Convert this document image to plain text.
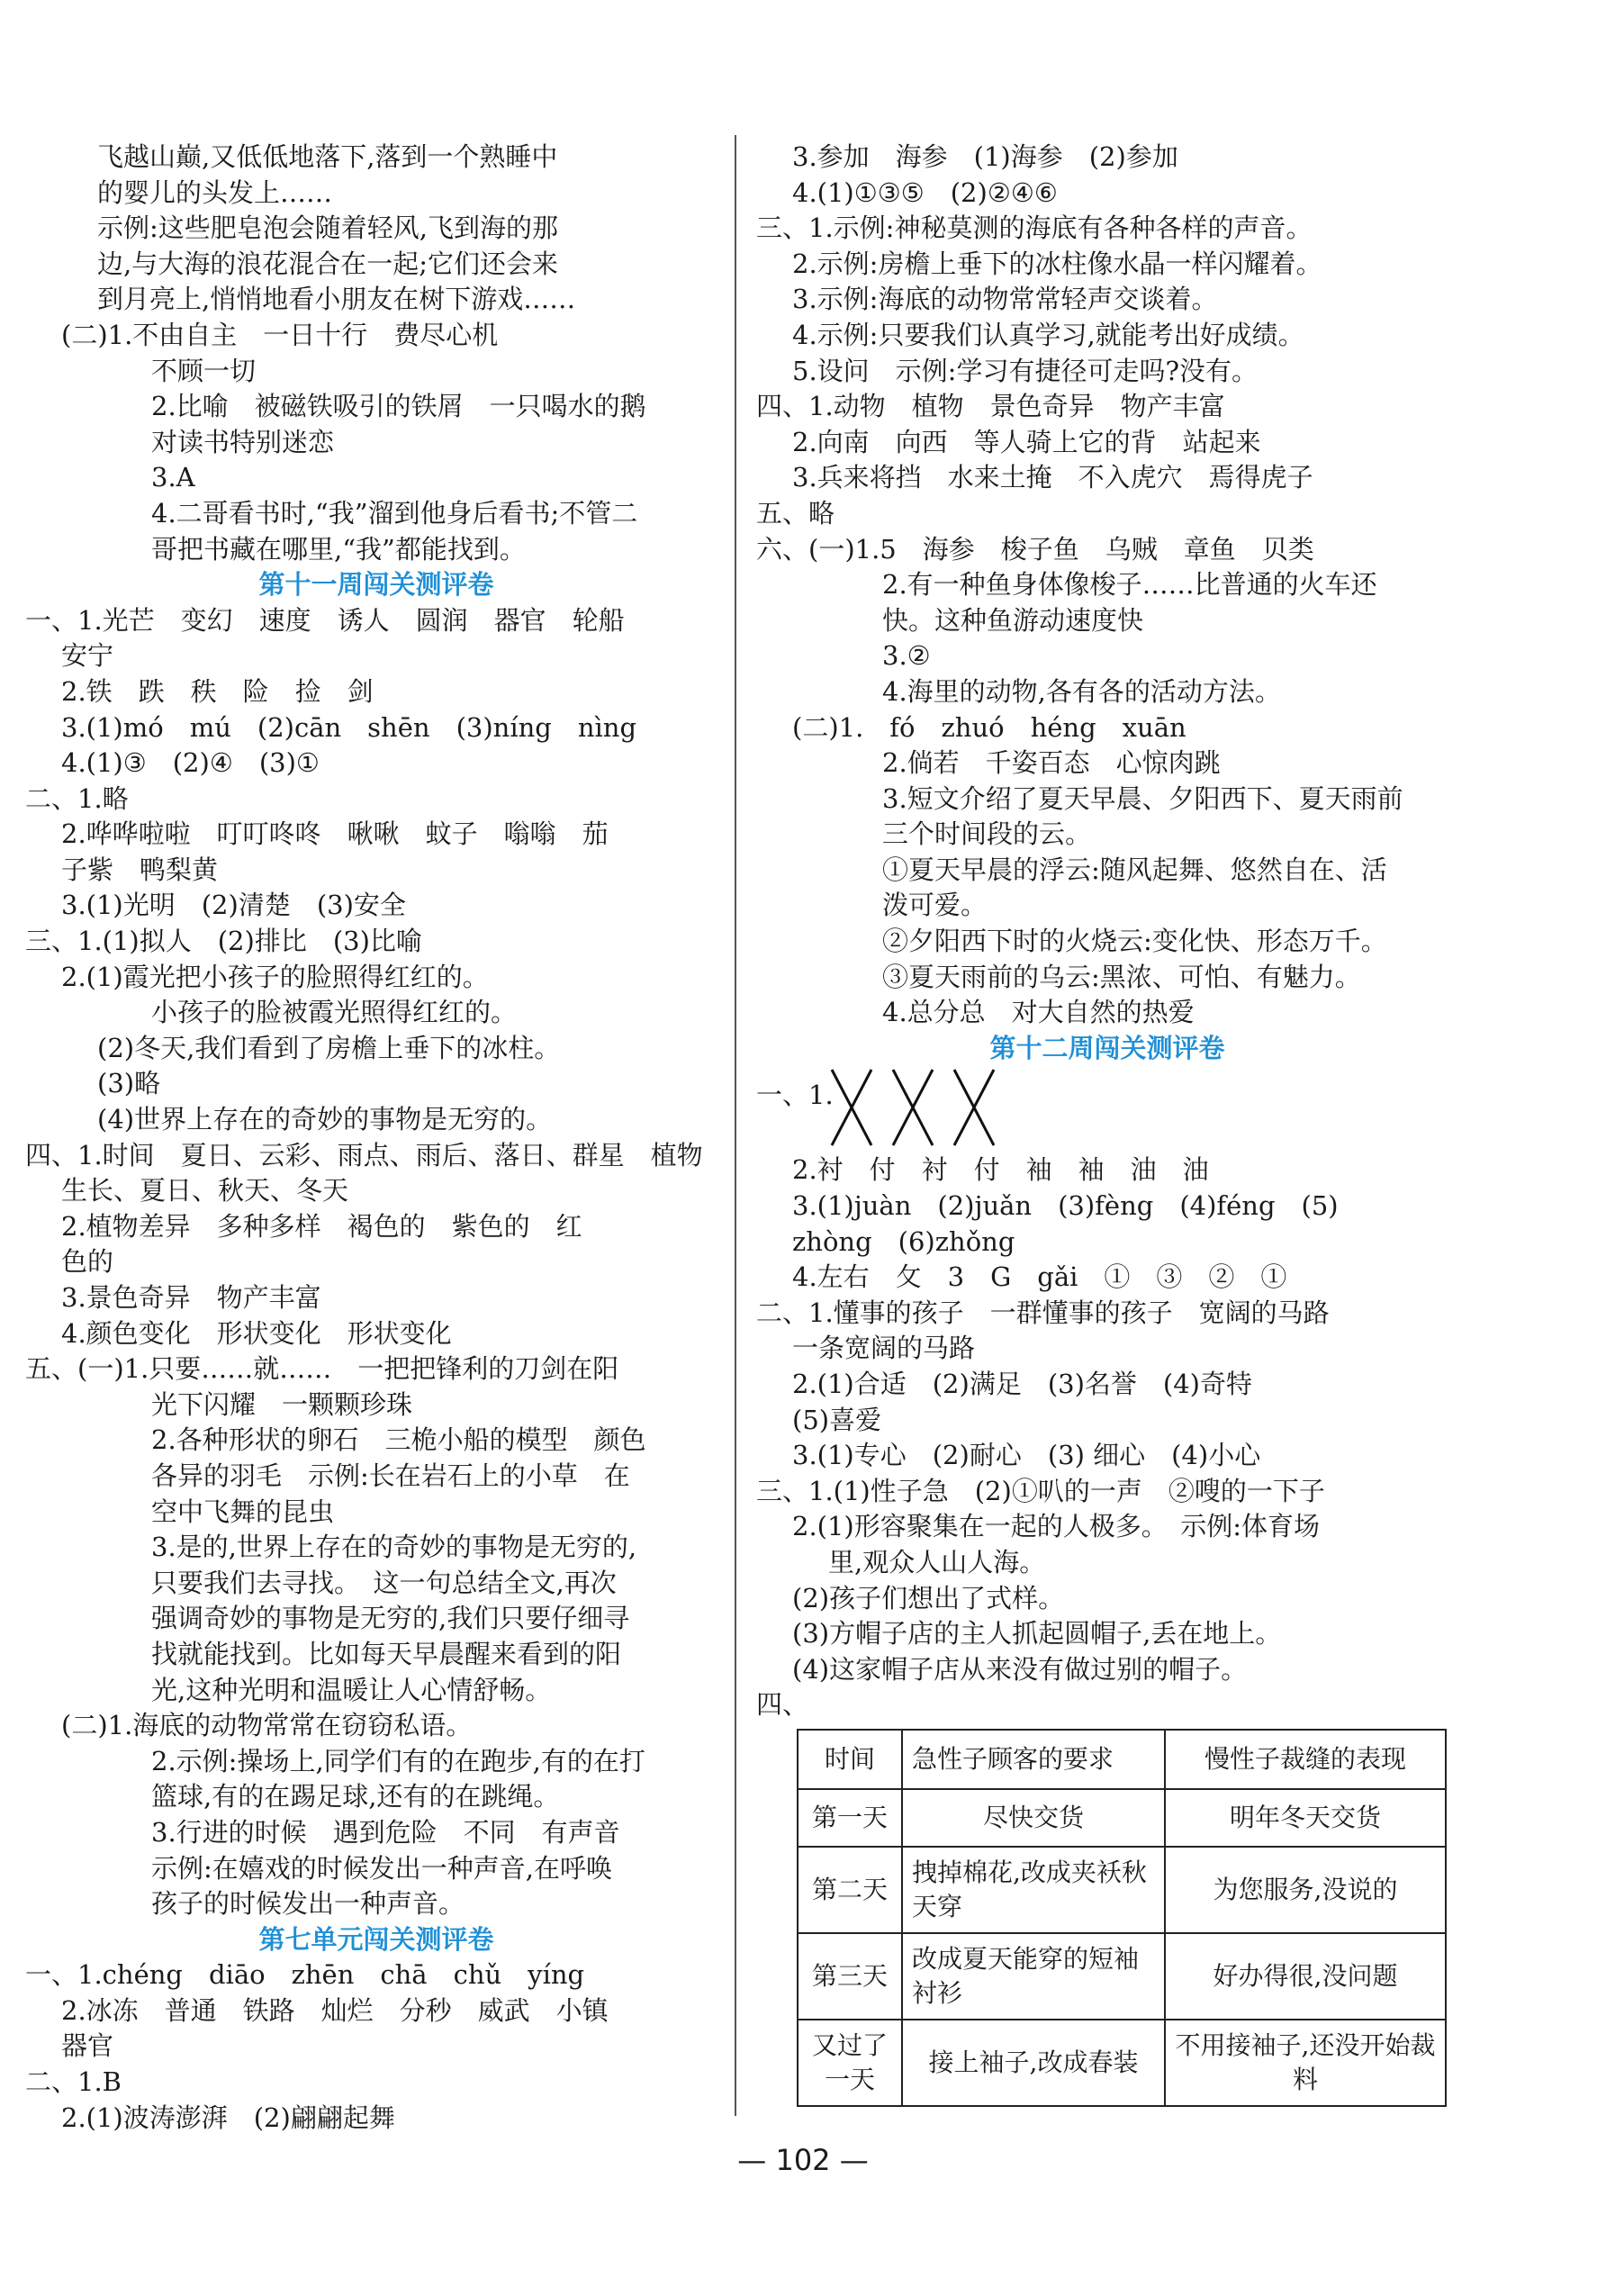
飞越山巅,又低低地落下,落到一个熟睡中
的婴儿的头发上……
示例:这些肥皂泡会随着轻风,飞到海的那
边,与大海的浪花混合在一起;它们还会来
到月亮上,悄悄地看小朋友在树下游戏……
(二)1.不由自主　一日十行　费尽心机
不顾一切
2.比喻　被磁铁吸引的铁屑　一只喝水的鹅
对读书特别迷恋
3.A
4.二哥看书时,“我”溜到他身后看书;不管二
哥把书藏在哪里,“我”都能找到。
第十一周闯关测评卷
一、1.光芒　变幻　速度　诱人　圆润　器官　轮船
安宁
2.铁　跌　秩　险　捡　剑
3.(1)mó　mú　(2)cān　shēn　(3)níng　nìng
4.(1)③　(2)④　(3)①
二、1.略
2.哗哗啦啦　叮叮咚咚　啾啾　蚊子　嗡嗡　茄
子紫　鸭梨黄
3.(1)光明　(2)清楚　(3)安全
三、1.(1)拟人　(2)排比　(3)比喻
2.(1)霞光把小孩子的脸照得红红的。
小孩子的脸被霞光照得红红的。
(2)冬天,我们看到了房檐上垂下的冰柱。
(3)略
(4)世界上存在的奇妙的事物是无穷的。
四、1.时间　夏日、云彩、雨点、雨后、落日、群星　植物
生长、夏日、秋天、冬天
2.植物差异　多种多样　褐色的　紫色的　红
色的
3.景色奇异　物产丰富
4.颜色变化　形状变化　形状变化
五、(一)1.只要……就……　一把把锋利的刀剑在阳
光下闪耀　一颗颗珍珠
2.各种形状的卵石　三桅小船的模型　颜色
各异的羽毛　示例:长在岩石上的小草　在
空中飞舞的昆虫
3.是的,世界上存在的奇妙的事物是无穷的,
只要我们去寻找。　这一句总结全文,再次
强调奇妙的事物是无穷的,我们只要仔细寻
找就能找到。比如每天早晨醒来看到的阳
光,这种光明和温暖让人心情舒畅。
(二)1.海底的动物常常在窃窃私语。
2.示例:操场上,同学们有的在跑步,有的在打
篮球,有的在踢足球,还有的在跳绳。
3.行进的时候　遇到危险　不同　有声音
示例:在嬉戏的时候发出一种声音,在呼唤
孩子的时候发出一种声音。
第七单元闯关测评卷
一、1.chéng　diāo　zhēn　chā　chǔ　yíng
2.冰冻　普通　铁路　灿烂　分秒　威武　小镇
器官
二、1.B
2.(1)波涛澎湃　(2)翩翩起舞
3.参加　海参　(1)海参　(2)参加
4.(1)①③⑤　(2)②④⑥
三、1.示例:神秘莫测的海底有各种各样的声音。
2.示例:房檐上垂下的冰柱像水晶一样闪耀着。
3.示例:海底的动物常常轻声交谈着。
4.示例:只要我们认真学习,就能考出好成绩。
5.设问　示例:学习有捷径可走吗?没有。
四、1.动物　植物　景色奇异　物产丰富
2.向南　向西　等人骑上它的背　站起来
3.兵来将挡　水来土掩　不入虎穴　焉得虎子
五、略
六、(一)1.5　海参　梭子鱼　乌贼　章鱼　贝类
2.有一种鱼身体像梭子……比普通的火车还
快。这种鱼游动速度快
3.②
4.海里的动物,各有各的活动方法。
(二)1.　fó　zhuó　héng　xuān
2.倘若　千姿百态　心惊肉跳
3.短文介绍了夏天早晨、夕阳西下、夏天雨前
三个时间段的云。
①夏天早晨的浮云:随风起舞、悠然自在、活
泼可爱。
②夕阳西下时的火烧云:变化快、形态万千。
③夏天雨前的乌云:黑浓、可怕、有魅力。
4.总分总　对大自然的热爱
第十二周闯关测评卷
一、1.
2.衬　付　衬　付　袖　袖　油　油
3.(1)juàn　(2)juǎn　(3)fèng　(4)féng　(5)
zhòng　(6)zhǒng
4.左右　攵　3　G　gǎi　①　③　②　①
二、1.懂事的孩子　一群懂事的孩子　宽阔的马路
一条宽阔的马路
2.(1)合适　(2)满足　(3)名誉　(4)奇特
(5)喜爱
3.(1)专心　(2)耐心　(3) 细心　(4)小心
三、1.(1)性子急　(2)①叭的一声　②嗖的一下子
2.(1)形容聚集在一起的人极多。　示例:体育场
里,观众人山人海。
(2)孩子们想出了式样。
(3)方帽子店的主人抓起圆帽子,丢在地上。
(4)这家帽子店从来没有做过别的帽子。
四、
时间	急性子顾客的要求	慢性子裁缝的表现
第一天	尽快交货	明年冬天交货
第二天	拽掉棉花,改成夹袄秋天穿	为您服务,没说的
第三天	改成夏天能穿的短袖衬衫	好办得很,没问题
又过了一天	接上袖子,改成春装	不用接袖子,还没开始裁料
— 102 —
